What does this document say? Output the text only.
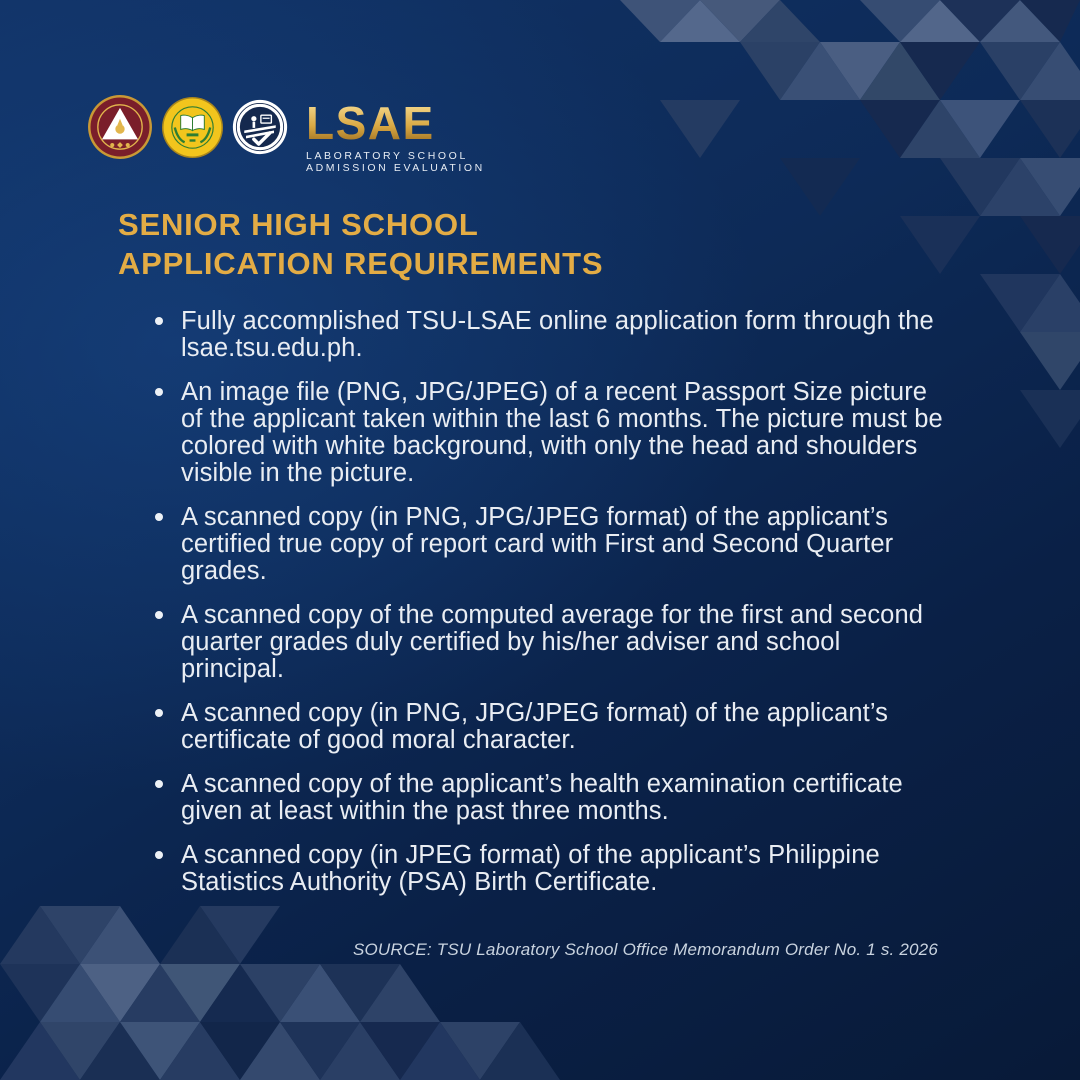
LSAE
LABORATORY SCHOOL
ADMISSION EVALUATION
SENIOR HIGH SCHOOL
APPLICATION REQUIREMENTS
Fully accomplished TSU-LSAE online application form through the lsae.tsu.edu.ph.
An image file (PNG, JPG/JPEG) of a recent Passport Size picture of the applicant taken within the last 6 months. The picture must be colored with white background, with only the head and shoulders visible in the picture.
A scanned copy (in PNG, JPG/JPEG format) of the applicant’s certified true copy of report card with First and Second Quarter grades.
A scanned copy of the computed average for the first and second quarter grades duly certified by his/her adviser and school principal.
A scanned copy (in PNG, JPG/JPEG format) of the applicant’s certificate of good moral character.
A scanned copy of the applicant’s health examination certificate given at least within the past three months.
A scanned copy (in JPEG format) of the applicant’s Philippine Statistics Authority (PSA) Birth Certificate.
SOURCE: TSU Laboratory School Office Memorandum Order No. 1 s. 2026
